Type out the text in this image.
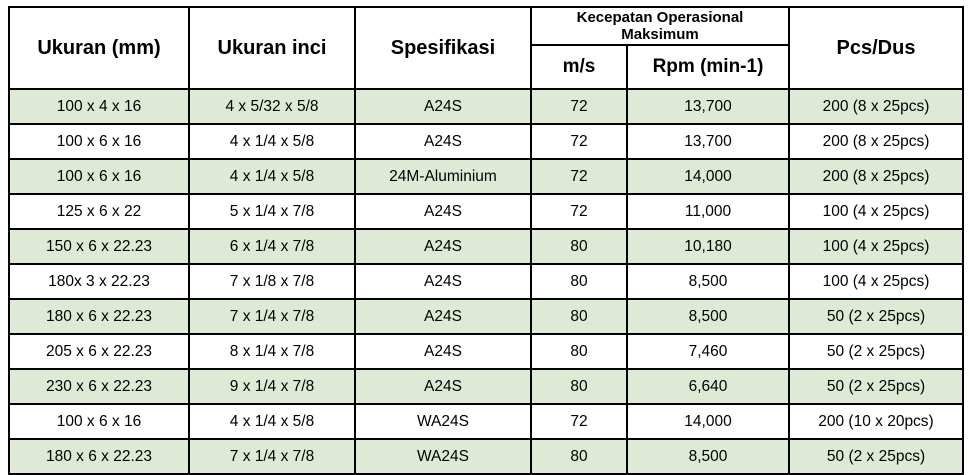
Ukuran (mm)	Ukuran inci	Spesifikasi	Kecepatan Operasional Maksimum		Pcs/Dus
			m/s	Rpm (min-1)	
100 x 4 x 16	4 x 5/32 x 5/8	A24S	72	13,700	200 (8 x 25pcs)
100 x 6 x 16	4 x 1/4 x 5/8	A24S	72	13,700	200 (8 x 25pcs)
100 x 6 x 16	4 x 1/4 x 5/8	24M-Aluminium	72	14,000	200 (8 x 25pcs)
125 x 6 x 22	5 x 1/4 x 7/8	A24S	72	11,000	100 (4 x 25pcs)
150 x 6 x 22.23	6 x 1/4 x 7/8	A24S	80	10,180	100 (4 x 25pcs)
180x 3 x 22.23	7 x 1/8 x 7/8	A24S	80	8,500	100 (4 x 25pcs)
180 x 6 x 22.23	7 x 1/4 x 7/8	A24S	80	8,500	50 (2 x 25pcs)
205 x 6 x 22.23	8 x 1/4 x 7/8	A24S	80	7,460	50 (2 x 25pcs)
230 x 6 x 22.23	9 x 1/4 x 7/8	A24S	80	6,640	50 (2 x 25pcs)
100 x 6 x 16	4 x 1/4 x 5/8	WA24S	72	14,000	200 (10 x 20pcs)
180 x 6 x 22.23	7 x 1/4 x 7/8	WA24S	80	8,500	50 (2 x 25pcs)
